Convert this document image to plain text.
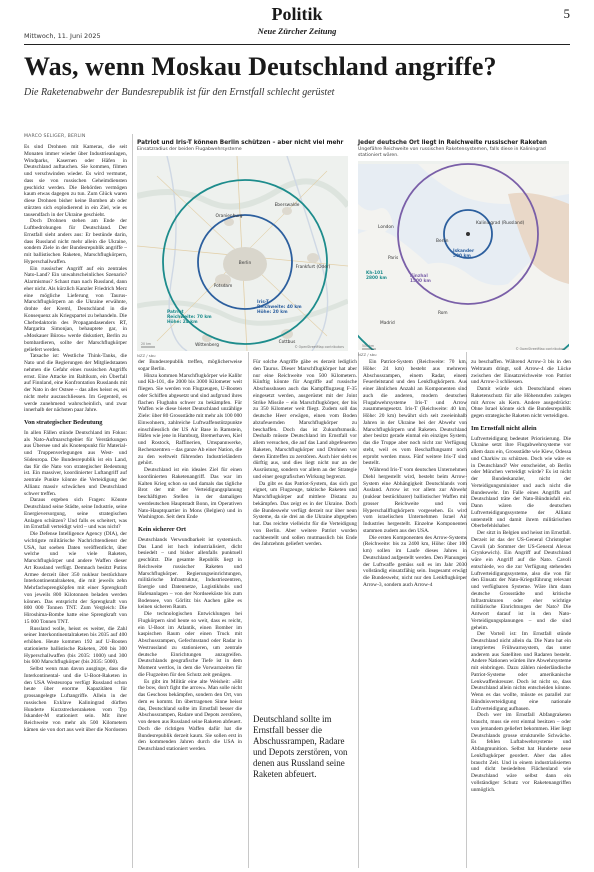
Mittwoch, 11. Juni 2025
Politik
Neue Zürcher Zeitung
5
Was, wenn Moskau Deutschland angriffe?
Die Raketenabwehr der Bundesrepublik ist für den Ernstfall schlecht gerüstet
MARCO SELIGER, BERLIN

Es sind Drohnen mit Kameras, die seit Monaten immer wieder über Industrieanlagen, Windparks, Kasernen oder Häfen in Deutschland auftauchen. Sie kommen, filmen und verschwinden wieder. Es wird vermutet, dass sie von russischen Geheimdiensten geschickt werden. Die Behörden vermögen kaum etwas dagegen zu tun. Zum Glück waren diese Drohnen bisher keine Bomben ab oder stürzten sich explodierend in ein Ziel, wie es tausendfach in der Ukraine geschieht.

Doch Drohnen stehen am Ende der Luftbedrohungen für Deutschland. Der Ernstfall sieht anders aus: Er bestünde darin, dass Russland nicht mehr allein die Ukraine, sondern Ziele in der Bundesrepublik angriffe – mit ballistischen Raketen, Marschflugkörpern, Hyperschallwaffen.

Ein russischer Angriff auf ein zentrales Nato-Land? Ein unwahrscheinliches Szenario? Alarmismus? Schaut man nach Russland, dann eher nicht. Als kürzlich Kanzler Friedrich Merz eine mögliche Lieferung von Taurus-Marschflugkörpern an die Ukraine erwähnte, drohte der Kreml, Deutschland in die Konsequenz als Kriegspartei zu behandeln. Die Chefredaktorin des Propagandasenders RT, Margarita Simonjan, behauptete gar, in «Moskauer Büros» werde diskutiert, Berlin zu bombardieren, sollte der Marschflugkörper geliefert werden.

Tatsache ist: Westliche Think-Tanks, die Nato und die Regierungen der Mitgliedstaaten nehmen die Gefahr eines russischen Angriffs ernst. Eine Attacke im Baltikum, ein Überfall auf Finnland, eine Konfrontation Russlands mit der Nato in der Ostsee – das alles heisst es, sei nicht mehr auszuschliessen. Im Gegenteil, es werde zunehmend wahrscheinlich, und zwar innerhalb der nächsten paar Jahre.

Von strategischer Bedeutung

In allen Fällen stünde Deutschland im Fokus: als Nato-Aufmarschgebiet für Verstärkungen aus Übersee und als Knotenpunkt für Material- und Truppenverlegungen aus West- und Südeuropa. Die Bundesrepublik ist ein Land, das für die Nato von strategischer Bedeutung ist. Ein massiver, koordinierter Luftangriff auf zentrale Punkte könnte die Verteidigung der Allianz massiv schwächen und Deutschland schwer treffen.

Daraus ergeben sich Fragen: Könnte Deutschland seine Städte, seine Industrie, seine Energieversorgung, seine strategischen Anlagen schützen? Und falls es scheitert, was im Ernstfall verteidigt wird – und was nicht?

Die Defense Intelligence Agency (DIA), der wichtigste militärische Nachrichtendienst der USA, hat soeben Daten veröffentlicht, über welche und wie viele Raketen, Marschflugkörper und andere Waffen dieser Art Russland verfügt. Demnach besitzt Putins Armee derzeit über 350 nuklear bestückbare Interkontinentalraketen, die mit jeweils zehn Mehrfachsprengköpfen mit einer Sprengkraft von jeweils 800 Kilotonnen beladen werden können. Das entspricht der Sprengkraft von 800 000 Tonnen TNT. Zum Vergleich: Die Hiroshima-Bombe hatte eine Sprengkraft von 15 000 Tonnen TNT.

Russland wolle, heisst es weiter, die Zahl seiner Interkontinentalraketen bis 2035 auf 400 erhöhen. Heute kommen 192 auf U-Booten stationierte ballistische Raketen, 200 bis 300 Hyperschallwaffen (bis 2035: 1000) und 300 bis 600 Marschflugkörper (bis 2035: 5000).

Selbst wenn man davon ausginge, dass die Interkontinental- und die U-Boot-Raketen in den USA Westeuropa verfügt Russland schon heute über enorme Kapazitäten für grossangelegte Luftangriffe. Allein in der russischen Exklave Kaliningrad dürften Hunderte Kurzstreckenraketen vom Typ Iskander-M stationiert sein. Mit ihrer Reichweite von mehr als 500 Kilometern kämen sie von dort aus weit über die Nordosten

Patriot und Iris-T können Berlin schützen – aber nicht viel mehr
Einsatzradius der beiden Flugabwehrsysteme
Berlin
Potsdam
Frankfurt (Oder)
Eberswalde
Oranienburg
Cottbus
Wittenberg
Patriot
Reichweite: 70 km
Höhe: 24 km
Iris-T
Reichweite: 40 km
Höhe: 20 km
20 km
© OpenStreetMap contributors
NZZ / sbu
Jeder deutsche Ort liegt in Reichweite russischer Raketen
Ungefähre Reichweite von russischen Raketensystemen, falls diese in Kaliningrad stationiert wären.
Kaliningrad (Russland)
Iskander
500 km
Kinzhal
1500 km
Kh-101
2800 km
London
Paris
Madrid
Berlin
Rom
500 km
© OpenStreetMap contributors
NZZ / sbu

der Bundesrepublik treffen, möglicherweise sogar Berlin.

Hinzu kommen Marschflugkörper wie Kalibr und Kh-101, die 2000 bis 3000 Kilometer weit fliegen. Sie werden von Flugzeugen, U-Booten oder Schiffen abgesetzt und sind aufgrund ihres flachen Flugbahn schwer zu bekämpfen. Für Waffen wie diese bietet Deutschland unzählige Ziele: über 80 Grossstädte mit mehr als 100 000 Einwohnern, zahlreiche Luftwaffenstützpunkte einschliesslich der US Air Base in Ramstein, Häfen wie jene in Hamburg, Bremerhaven, Kiel und Rostock, Raffinerien, Umspannwerke, Rechenzentren – das ganze Ab einer Nation, die zu den weltweit führenden Industrieländern gehört.

Deutschland ist ein ideales Ziel für einen koordinierten Raketenangriff. Das war im Kalten Krieg schon so und damals das tägliche Brot der mit der Verteidigungsplanung beschäftigten Stellen in der damaligen westdeutschen Hauptstadt Bonn, im Operativen Nato-Hauptquartier in Mons (Belgien) und in Washington. Seit dem Ende

Kein sicherer Ort

Deutschlands Verwundbarkeit ist systemisch. Das Land ist hoch industrialisiert, dicht besiedelt – und bisher allenfalls punktuell geschützt. Die gesamte Republik liegt in Reichweite russischer Raketen und Marschflugkörper. Regierungseinrichtungen, militärische Infrastruktur, Industriezentren, Energie und Datennetze, Logistikhubs und Hafenanlagen – von der Nordseeküste bis zum Bodensee, von Görlitz bis Aachen gäbe es keinen sicheren Raum.

Die technologischen Entwicklungen bei Flugkörpern sind heute so weit, dass es reicht, ein U-Boot im Atlantik, einen Bomber im kaspischen Raum oder einen Truck mit Abschussrampen, Gefechtsstand oder Radar in Westrussland zu stationieren, um zentrale deutsche Einrichtungen anzugreifen. Deutschlands geografische Tiefe ist in dem Moment wertlos, in dem die Vorwarnzeiten für die Flugzeiten für den Schutz zeit genügen.

Es gibt im Militär eine alte Weisheit: «Hit the bow, don't fight the arrow». Man solle nicht das Geschoss bekämpfen, sondern den Ort, von dem es kommt. Im übertragenen Sinne heisst das, Deutschland sollte im Ernstfall besser die Abschussrampen, Radare und Depots zerstören, von denen aus Russland seine Raketen abfeuert. Doch die richtigen Waffen dafür hat die Bundesrepublik derzeit kaum. Sie sollen erst in den kommenden Jahren durch die USA in Deutschland stationiert werden.

Für solche Angriffe gäbe es derzeit lediglich den Taurus. Dieser Marschflugkörper hat aber nur eine Reichweite von 500 Kilometern. Künftig könnte für Angriffe auf russische Abschussbasen auch das Kampfflugzeug F-35 eingesetzt werden, ausgerüstet mit der Joint Strike Missile – ein Marschflugkörper, der bis zu 350 Kilometer weit fliegt. Zudem soll das deutsche Heer erwägen, einen vom Boden abzufeuernden Marschflugkörper zu beschaffen. Doch das ist Zukunftsmusik. Deshalb müsste Deutschland im Ernstfall vor allem versuchen, die auf das Land abgefeuerten Raketen, Marschflugkörper und Drohnen vor deren Eintreffen zu zerstören. Auch hier sieht es dürftig aus, und dies liegt nicht nur an der Ausrüstung, sondern vor allem an der Strategie und einer geografischen Wirkung begrenzt.

Da gibt es das Patriot-System, das sich gut eignet, um Flugzeuge, taktische Raketen und Marschflugkörper auf mittlere Distanz zu bekämpfen. Das zeigt es in der Ukraine. Doch die Bundeswehr verfügt derzeit nur über neun Systeme, da sie drei an die Ukraine abgegeben hat. Das reichte vielleicht für die Verteidigung von Berlin. Aber weitere Patriot wurden nachbestellt und sollen mutmasslich bis Ende des Jahrzehnts geliefert werden.

Deutschland sollte im Ernstfall besser die Abschussrampen, Radare und Depots zerstören, von denen aus Russland seine Raketen abfeuert.

Ein Patriot-System (Reichweite: 70 km, Höhe: 24 km) besteht aus mehreren Abschussrampen, einem Radar, einem Feuerleitstand und den Lenkflugkörpern. Aus einer ähnlichen Anzahl an Komponenten sind auch die anderen, modern deutschen Flugabwehrsysteme Iris-T und Arrow zusammengesetzt. Iris-T (Reichweite: 40 km, Höhe: 20 km) bewährt sich seit zweieinhalb Jahren in der Ukraine bei der Abwehr von Marschflugkörpern und Raketen. Deutschland aber besitzt gerade einmal ein einziges System, das die Truppe aber noch nicht zur Verfügung steht, weil es vom Beschaffungsamt noch erprobt werden muss. Fünf weitere Iris-T sind bestellt.

Während Iris-T vom deutschen Unternehmen Diehl hergestellt wird, besteht beim Arrow-System eine Abhängigkeit Deutschlands vom Ausland. Arrow ist vor allem zur Abwehr (nuklear bestückbarer) ballistischer Waffen mit grosser Reichweite und von Hyperschallflugkörpern vorgesehen. Es wird vom israelischen Unternehmen Israel Air Industries hergestellt. Einzelne Komponenten stammen zudem aus den USA.

Die ersten Komponenten des Arrow-Systems (Reichweite: bis zu 2400 km, Höhe: über 100 km) sollen im Laufe dieses Jahres in Deutschland aufgestellt werden. Den Planungen der Luftwaffe gemäss soll es im Jahr 2030 vollständig einsatzfähig sein. Insgesamt erwägt die Bundeswehr, nicht nur den Lenkflugkörper Arrow-3, sondern auch Arrow-4

zu beschaffen. Während Arrow-3 bis in den Weltraum dringt, soll Arrow-4 die Lücke zwischen der Einsatzreichweite von Patriot und Arrow-3 schliessen.

Damit würde sich Deutschland einen Raketenschutz für alle Höhenstufen zulegen mit Arrow als Kern. Andere ausgedrückt: Ohne Israel könnte sich die Bundesrepublik gegen strategische Raketen nicht verteidigen.

Im Ernstfall nicht allein

Luftverteidigung bedeutet Priorisierung. Die Ukraine setzt ihre Flugabwehrsysteme vor allem dazu ein, Grossstädte wie Kiew, Odessa und Charkiw zu schützen. Doch wie wäre es in Deutschland? Wer entscheidet, ob Berlin oder München verteidigt würde? Es ist nicht der Bundeskanzler, nicht der Verteidigungsminister und auch nicht die Bundeswehr. Im Falle eines Angriffs auf Deutschland träte der Nato-Bündnisfall ein. Dann wären die deutschen Luftverteidigungssysteme der Allianz unterstellt und damit ihrem militärischen Oberbefehlshaber.

Der sitzt in Belgien und heisst im Ernstfall. Derzeit ist das der US-General Christopher Cavoli (ab Sommer der US-General Alexus Grynkewich). Ein Angriff auf Deutschland wäre ein Angriff auf die Nato. Cavoli entschiede, wo die zur Verfügung stehenden Luftverteidigungssysteme, also die von für den Einsatz der Nato-Kriegsführung relevant und verfügbaren Systeme. Wäre ihm dann deutsche Grossstädte und kritische Infrastrukturen oder eher wichtige militärische Einrichtungen der Nato? Die Antwort darauf ist in den Nato-Verteidigungsplanungen – und die sind geheim.

Der Vorteil ist: Im Ernstfall stünde Deutschland nicht allein da. Die Nato hat ein integriertes Frühwarnsystem, das unter anderem aus Satelliten und Radaren besteht. Andere Nationen würden ihre Abwehrsysteme mit einbringen. Dazu zählen niederländische Patriot-Systeme oder amerikanische Lenkwaffenkreuzer. Doch ist nicht so, dass Deutschland allein nichts entscheiden könnte. Wenn es das wollte, müsste es parallel zur Bündnisverteidigung eine nationale Luftverteidigung aufbauen.

Doch wer im Ernstfall Abfangraketen braucht, muss sie erst einmal besitzen – oder von jemandem geliefert bekommen. Hier liegt Deutschlands grosse strukturelle Schwäche. Es fehlen Luftabwehrsysteme und Abfangmunition. Selbst hat Hunderte neue Lenkflugkörper geordert. Aber das alles braucht Zeit. Und in einem industrialisierten und dicht besiedelten Flächenland wie Deutschland wäre selbst dann ein vollständiger Schutz vor Raketenangriffen unmöglich.
